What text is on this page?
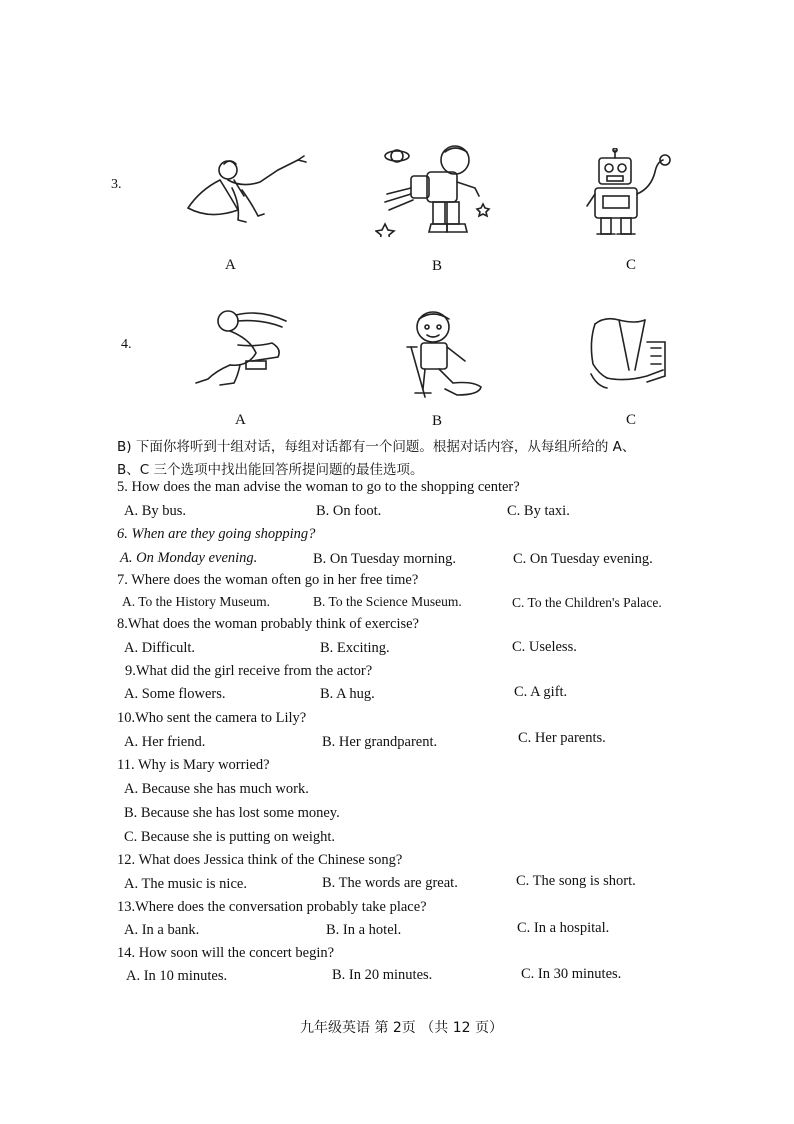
3.
A	B	C
4.
A	B	C
B) 下面你将听到十组对话，每组对话都有一个问题。根据对话内容，从每组所给的 A、
B、C 三个选项中找出能回答所提问题的最佳选项。
5. How does the man advise the woman to go to the shopping center?
A. By bus.	B. On foot.	C. By taxi.
6. When are they going shopping?
A. On Monday evening.	B. On Tuesday morning.	C. On Tuesday evening.
7. Where does the woman often go in her free time?
A. To the History Museum.	B. To the Science Museum.	C. To the Children's Palace.
8.What does the woman probably think of exercise?
A. Difficult.	B. Exciting.	C. Useless.
9.What did the girl receive from the actor?
A. Some flowers.	B. A hug.	C. A gift.
10.Who sent the camera to Lily?
A. Her friend.	B. Her grandparent.	C. Her parents.
11. Why is Mary worried?
A. Because she has much work.
B. Because she has lost some money.
C. Because she is putting on weight.
12. What does Jessica think of the Chinese song?
A. The music is nice.	B. The words are great.	C. The song is short.
13.Where does the conversation probably take place?
A. In a bank.	B. In a hotel.	C. In a hospital.
14. How soon will the concert begin?
A. In 10 minutes.	B. In 20 minutes.	C. In 30 minutes.
九年级英语 第 2页 （共 12 页）
